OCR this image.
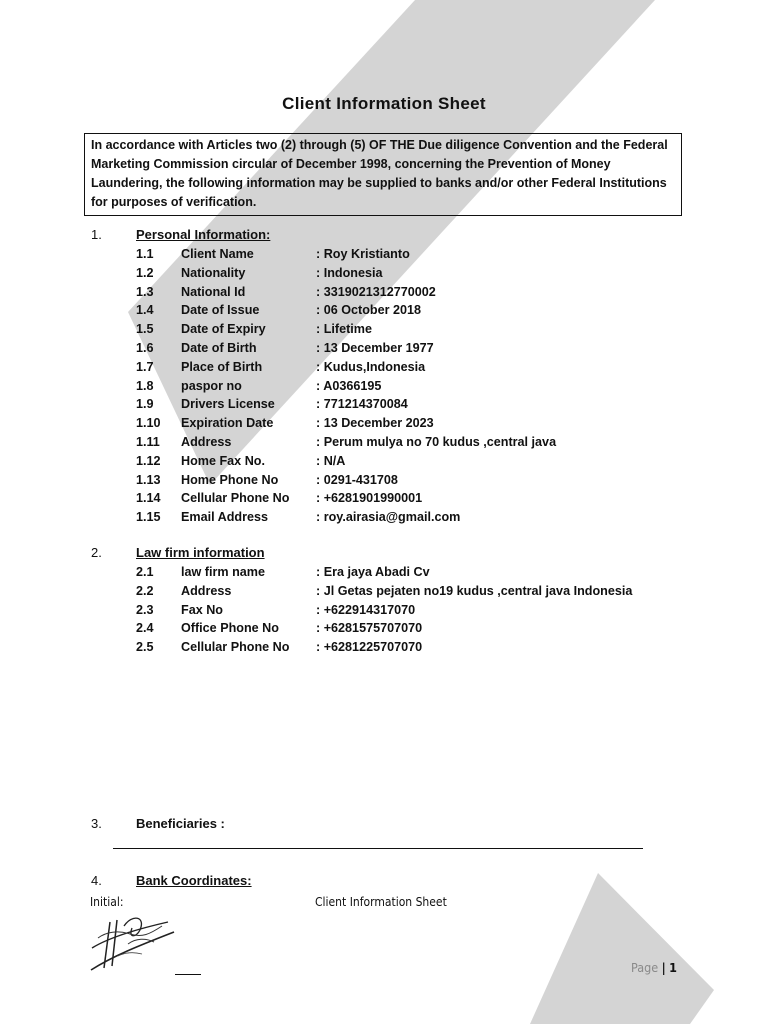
Client Information Sheet
In accordance with Articles two (2) through (5) OF THE Due diligence Convention and the Federal Marketing Commission circular of December 1998, concerning the Prevention of Money Laundering, the following information may be supplied to banks and/or other Federal Institutions for purposes of verification.
1.	Personal Information:
1.1 Client Name	: Roy Kristianto
1.2 Nationality	: Indonesia
1.3 National Id	: 3319021312770002
1.4 Date of Issue	: 06 October 2018
1.5 Date of Expiry	: Lifetime
1.6 Date of Birth	: 13 December 1977
1.7 Place of Birth	: Kudus,Indonesia
1.8 paspor no	: A0366195
1.9 Drivers License	: 771214370084
1.10 Expiration Date	: 13 December 2023
1.11 Address	: Perum mulya no 70 kudus ,central java
1.12 Home Fax No.	: N/A
1.13 Home Phone No	: 0291-431708
1.14 Cellular Phone No : +6281901990001
1.15 Email Address	: roy.airasia@gmail.com
2.	Law firm information
2.1 law firm name	: Era jaya Abadi Cv
2.2 Address	: Jl Getas pejaten no19 kudus ,central java Indonesia
2.3 Fax No	: +622914317070
2.4 Office Phone No	: +6281575707070
2.5 Cellular Phone No : +6281225707070
3.	Beneficiaries :
4.	Bank Coordinates:
Initial:	Client Information Sheet
Page | 1
